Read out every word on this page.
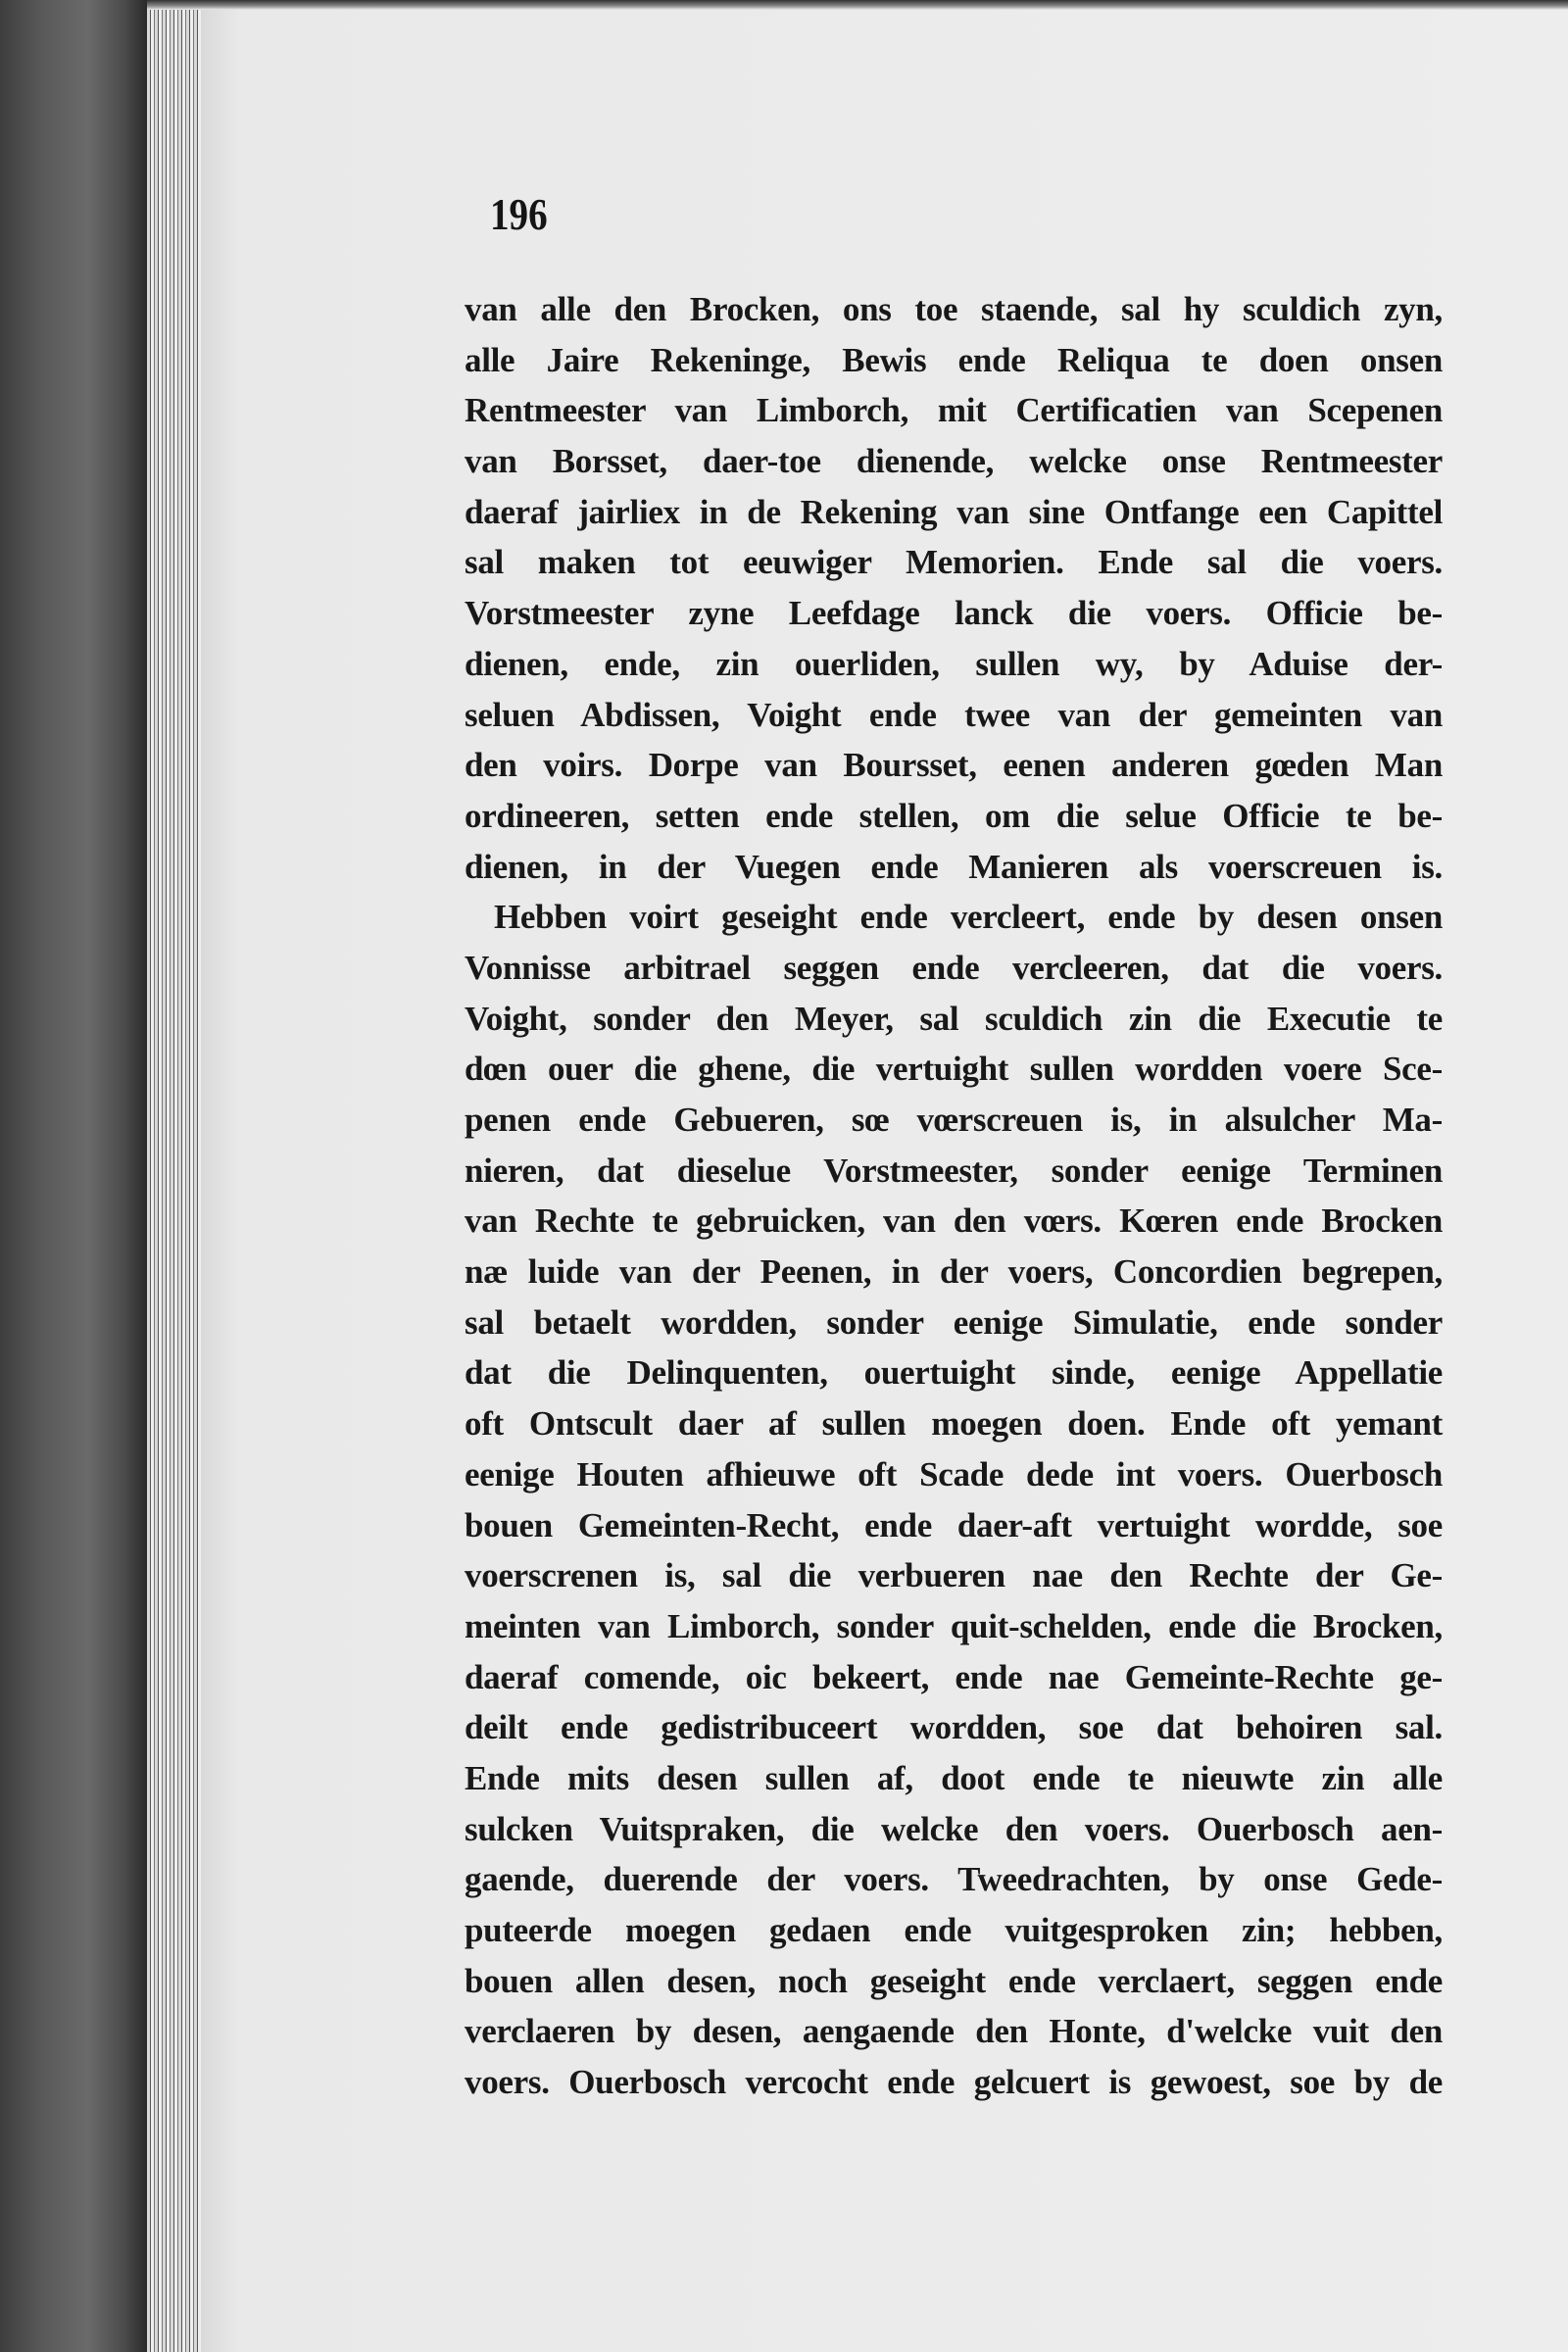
196
van alle den Brocken, ons toe staende, sal hy sculdich zyn,
alle Jaire Rekeninge, Bewis ende Reliqua te doen onsen
Rentmeester van Limborch, mit Certificatien van Scepenen
van Borsset, daer-toe dienende, welcke onse Rentmeester
daeraf jairliex in de Rekening van sine Ontfange een Capittel
sal maken tot eeuwiger Memorien. Ende sal die voers.
Vorstmeester zyne Leefdage lanck die voers. Officie be-
dienen, ende, zin ouerliden, sullen wy, by Aduise der-
seluen Abdissen, Voight ende twee van der gemeinten van
den voirs. Dorpe van Boursset, eenen anderen gœden Man
ordineeren, setten ende stellen, om die selue Officie te be-
dienen, in der Vuegen ende Manieren als voerscreuen is.
Hebben voirt geseight ende vercleert, ende by desen onsen
Vonnisse arbitrael seggen ende vercleeren, dat die voers.
Voight, sonder den Meyer, sal sculdich zin die Executie te
dœn ouer die ghene, die vertuight sullen wordden voere Sce-
penen ende Gebueren, sœ vœrscreuen is, in alsulcher Ma-
nieren, dat dieselue Vorstmeester, sonder eenige Terminen
van Rechte te gebruicken, van den vœrs. Kœren ende Brocken
næ luide van der Peenen, in der voers, Concordien begrepen,
sal betaelt wordden, sonder eenige Simulatie, ende sonder
dat die Delinquenten, ouertuight sinde, eenige Appellatie
oft Ontscult daer af sullen moegen doen. Ende oft yemant
eenige Houten afhieuwe oft Scade dede int voers. Ouerbosch
bouen Gemeinten-Recht, ende daer-aft vertuight wordde, soe
voerscrenen is, sal die verbueren nae den Rechte der Ge-
meinten van Limborch, sonder quit-schelden, ende die Brocken,
daeraf comende, oic bekeert, ende nae Gemeinte-Rechte ge-
deilt ende gedistribuceert wordden, soe dat behoiren sal.
Ende mits desen sullen af, doot ende te nieuwte zin alle
sulcken Vuitspraken, die welcke den voers. Ouerbosch aen-
gaende, duerende der voers. Tweedrachten, by onse Gede-
puteerde moegen gedaen ende vuitgesproken zin; hebben,
bouen allen desen, noch geseight ende verclaert, seggen ende
verclaeren by desen, aengaende den Honte, d'welcke vuit den
voers. Ouerbosch vercocht ende gelcuert is gewoest, soe by de
